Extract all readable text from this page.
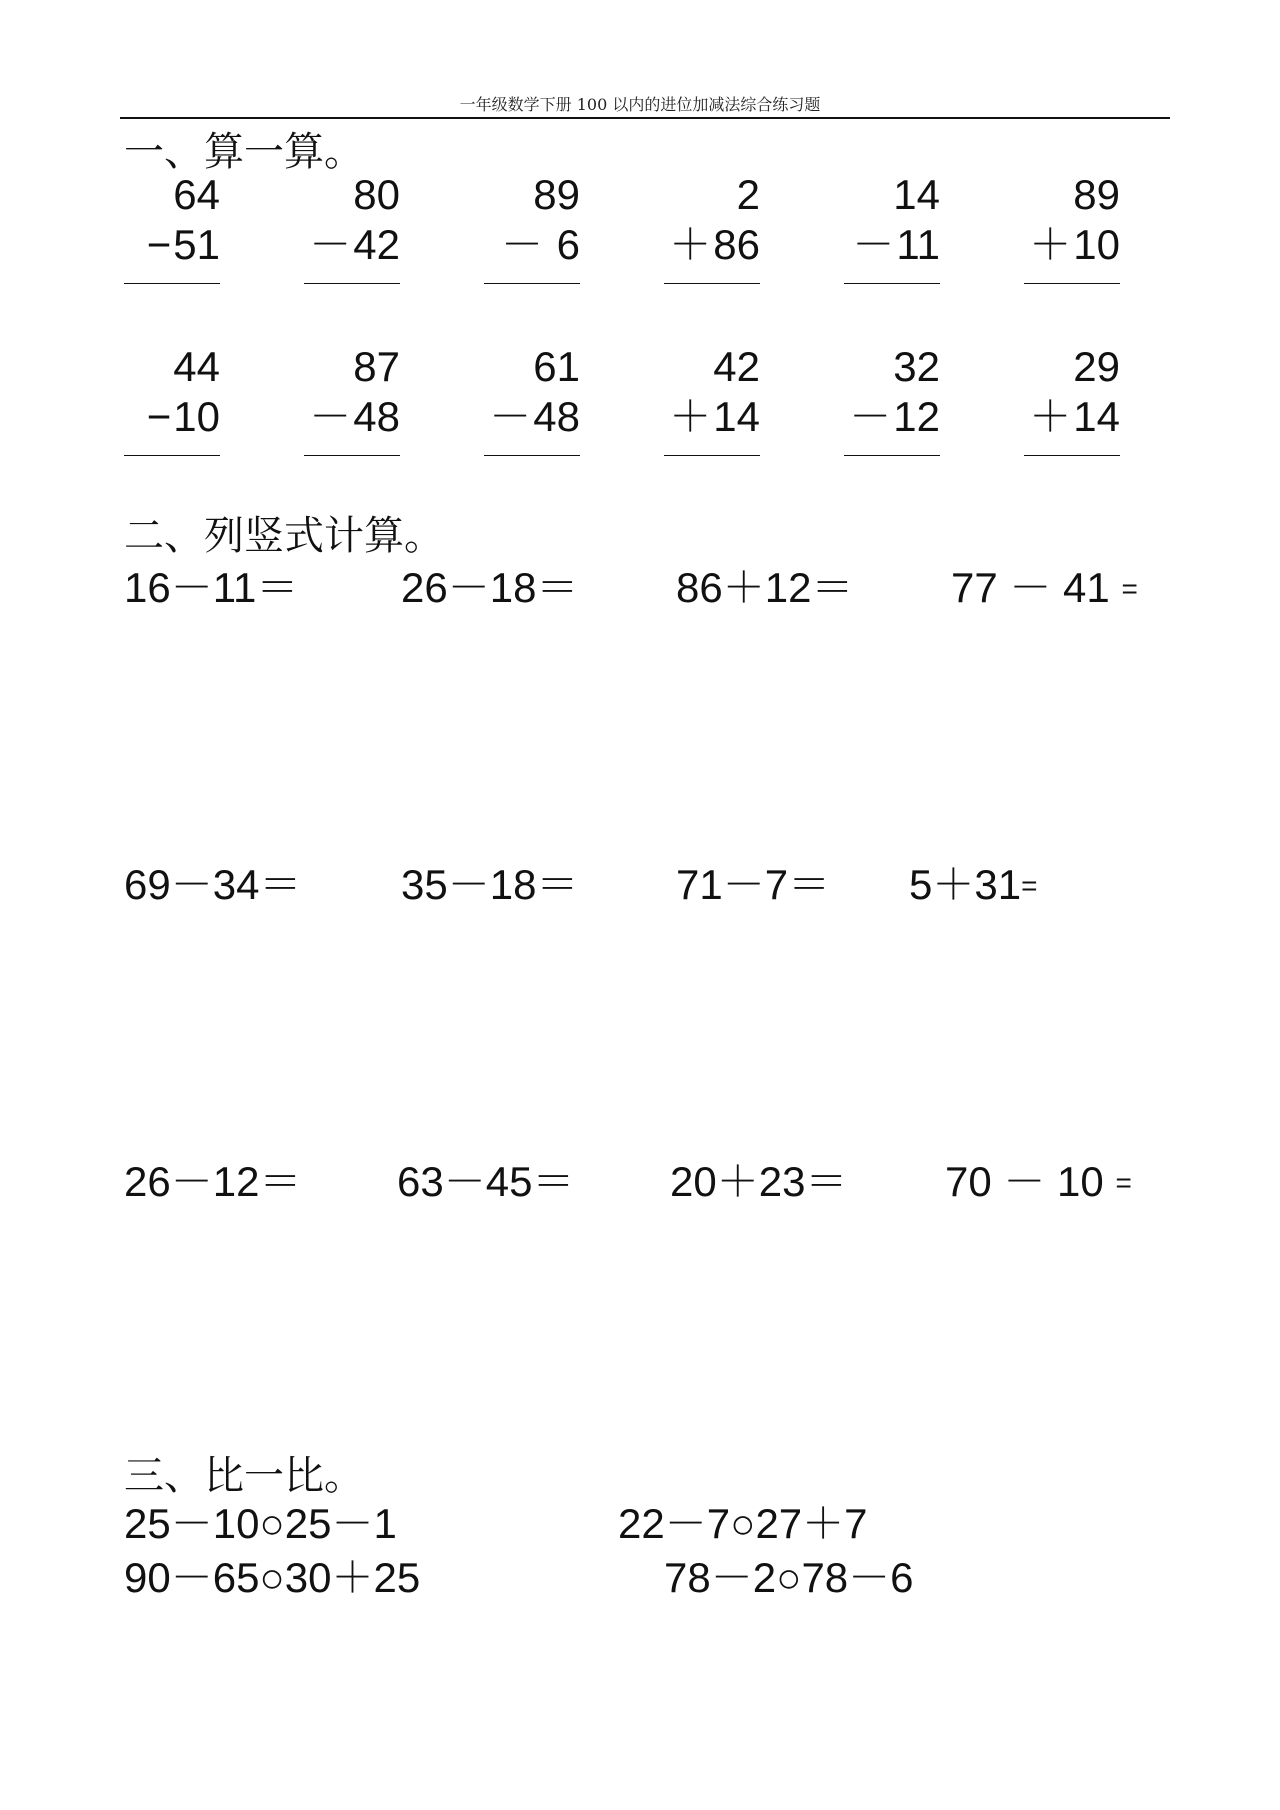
一年级数学下册 100 以内的进位加减法综合练习题
一、算一算。
64
−51
80
－42
89
－ 6
2
＋86
14
－11
89
＋10
44
−10
87
－48
61
－48
42
＋14
32
－12
29
＋14
二、列竖式计算。
16－11＝ 26－18＝ 86＋12＝ 77 － 41 =
69－34＝ 35－18＝ 71－7＝ 5＋31=
26－12＝ 63－45＝ 20＋23＝ 70 － 10 =
三、比一比。
25－10○25－1	22－7○27＋7
90－65○30＋25	78－2○78－6
